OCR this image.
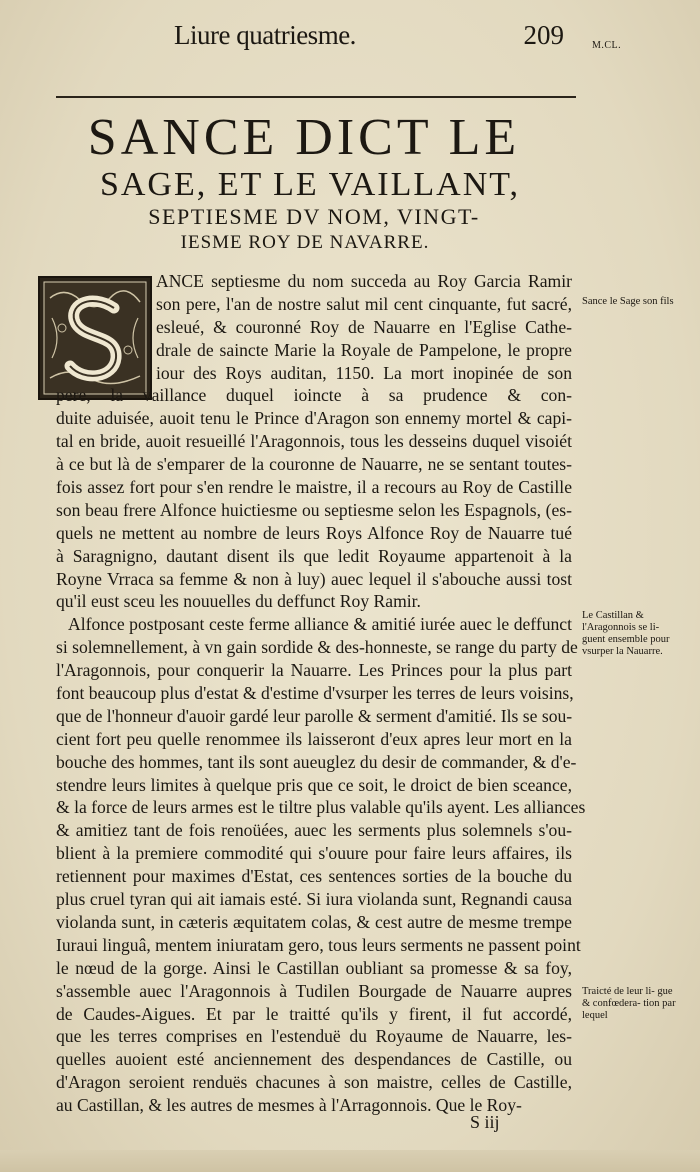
Liure quatriesme.	209	M.CL.
SANCE DICT LE
SAGE, ET LE VAILLANT,
SEPTIESME DV NOM, VINGT-
IESME ROY DE NAVARRE.
ANCE septiesme du nom succeda au Roy Garcia Ramir
son pere, l'an de nostre salut mil cent cinquante, fut sacré,
esleué, & couronné Roy de Nauarre en l'Eglise Cathe-
drale de saincte Marie la Royale de Pampelone, le propre
iour des Roys auditan, 1150. La mort inopinée de son
pere, la vaillance duquel ioincte à sa prudence & con-
duite aduisée, auoit tenu le Prince d'Aragon son ennemy mortel & capi-
tal en bride, auoit resueillé l'Aragonnois, tous les desseins duquel visoiét
à ce but là de s'emparer de la couronne de Nauarre, ne se sentant toutes-
fois assez fort pour s'en rendre le maistre, il a recours au Roy de Castille
son beau frere Alfonce huictiesme ou septiesme selon les Espagnols, (es-
quels ne mettent au nombre de leurs Roys Alfonce Roy de Nauarre tué
à Saragnigno, dautant disent ils que ledit Royaume appartenoit à la
Royne Vrraca sa femme & non à luy) auec lequel il s'abouche aussi tost
qu'il eust sceu les nouuelles du deffunct Roy Ramir.
Alfonce postposant ceste ferme alliance & amitié iurée auec le deffunct
si solemnellement, à vn gain sordide & des-honneste, se range du party de
l'Aragonnois, pour conquerir la Nauarre. Les Princes pour la plus part
font beaucoup plus d'estat & d'estime d'vsurper les terres de leurs voisins,
que de l'honneur d'auoir gardé leur parolle & serment d'amitié. Ils se sou-
cient fort peu quelle renommee ils laisseront d'eux apres leur mort en la
bouche des hommes, tant ils sont aueuglez du desir de commander, & d'e-
stendre leurs limites à quelque pris que ce soit, le droict de bien sceance,
& la force de leurs armes est le tiltre plus valable qu'ils ayent. Les alliances
& amitiez tant de fois renoüées, auec les serments plus solemnels s'ou-
blient à la premiere commodité qui s'ouure pour faire leurs affaires, ils
retiennent pour maximes d'Estat, ces sentences sorties de la bouche du
plus cruel tyran qui ait iamais esté. Si iura violanda sunt, Regnandi causa
violanda sunt, in cæteris æquitatem colas, & cest autre de mesme trempe
Iuraui linguâ, mentem iniuratam gero, tous leurs serments ne passent point
le nœud de la gorge. Ainsi le Castillan oubliant sa promesse & sa foy,
s'assemble auec l'Aragonnois à Tudilen Bourgade de Nauarre aupres
de Caudes-Aigues. Et par le traitté qu'ils y firent, il fut accordé,
que les terres comprises en l'estenduë du Royaume de Nauarre, les-
quelles auoient esté anciennement des despendances de Castille, ou
d'Aragon seroient renduës chacunes à son maistre, celles de Castille,
au Castillan, & les autres de mesmes à l'Arragonnois. Que le Roy-
Sance le Sage son fils
Le Castillan & l'Aragonnois se li- guent ensemble pour vsurper la Nauarre.
Traicté de leur li- gue & confœdera- tion par lequel
S iij
